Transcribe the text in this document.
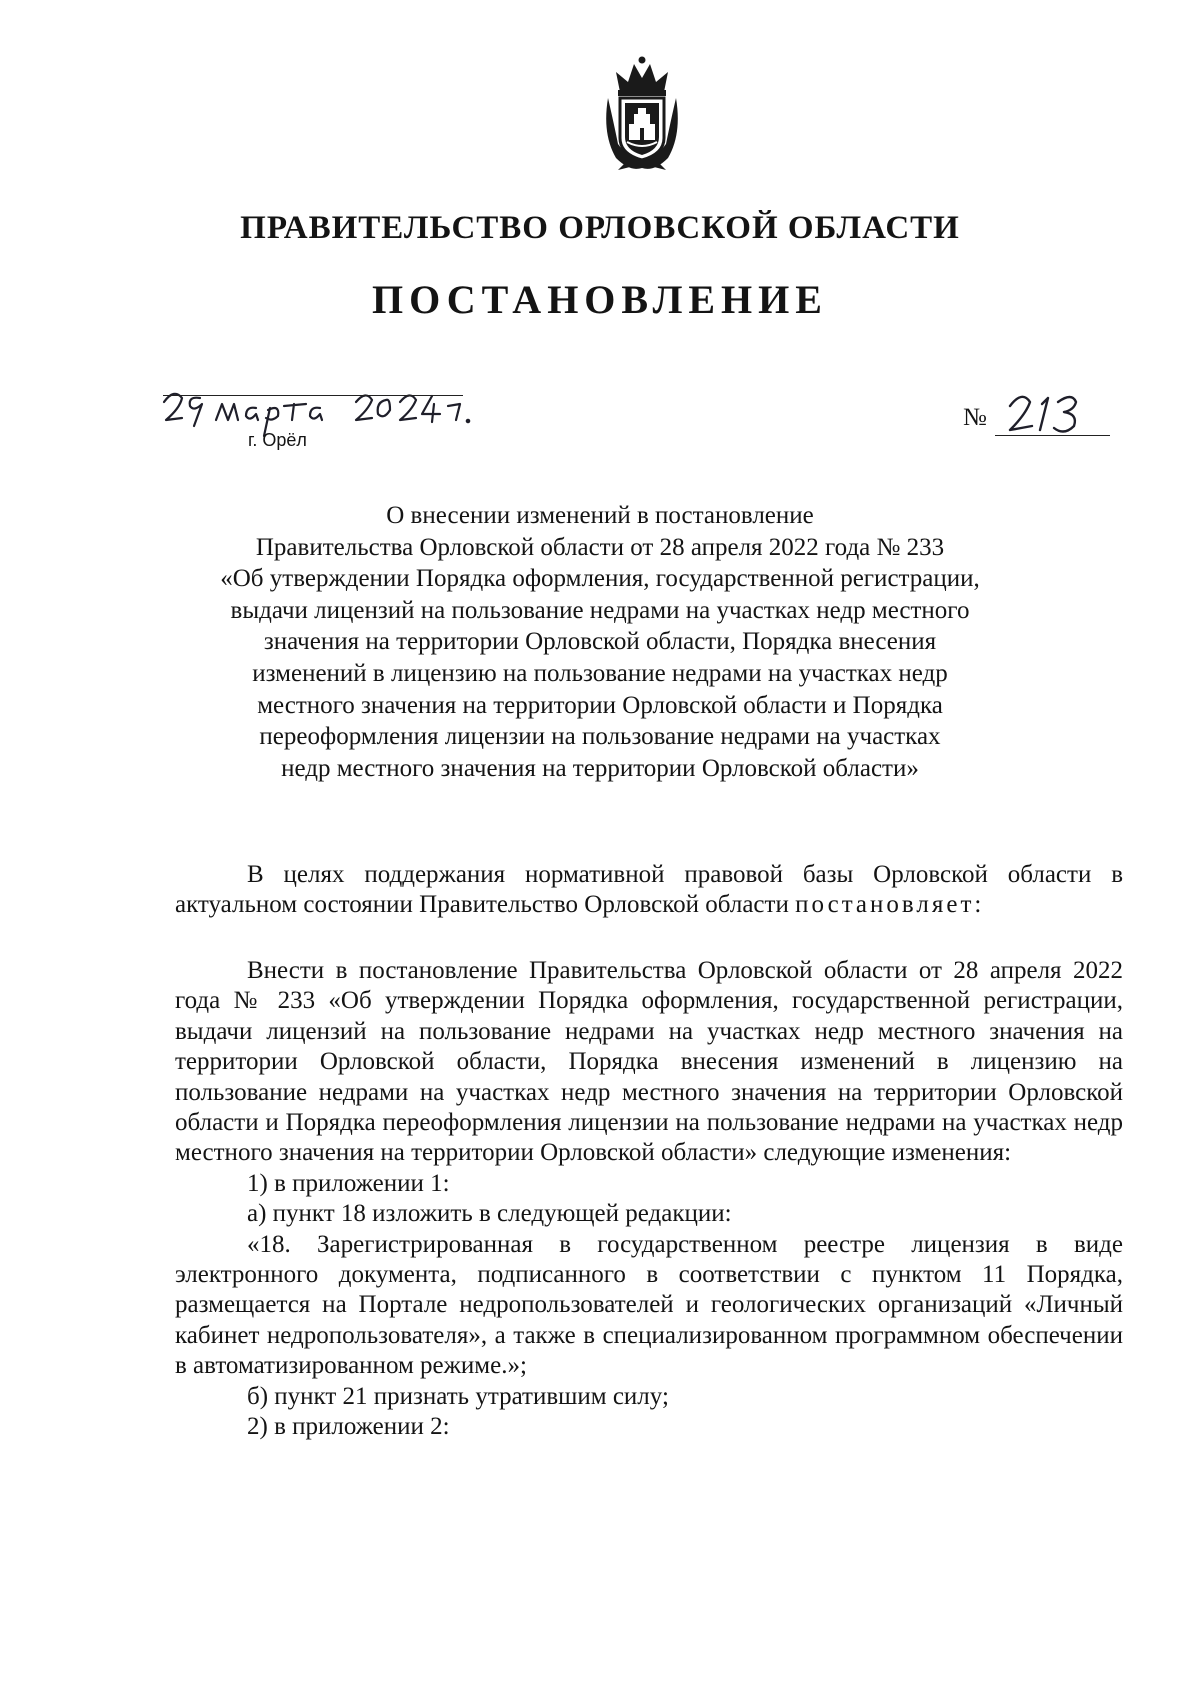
ПРАВИТЕЛЬСТВО ОРЛОВСКОЙ ОБЛАСТИ
ПОСТАНОВЛЕНИЕ
г. Орёл
№
О внесении изменений в постановление
Правительства Орловской области от 28 апреля 2022 года № 233
«Об утверждении Порядка оформления, государственной регистрации,
выдачи лицензий на пользование недрами на участках недр местного
значения на территории Орловской области, Порядка внесения
изменений в лицензию на пользование недрами на участках недр
местного значения на территории Орловской области и Порядка
переоформления лицензии на пользование недрами на участках
недр местного значения на территории Орловской области»

В целях поддержания нормативной правовой базы Орловской области в актуальном состоянии Правительство Орловской области постановляет:

Внести в постановление Правительства Орловской области от 28 апреля 2022 года № 233 «Об утверждении Порядка оформления, государственной регистрации, выдачи лицензий на пользование недрами на участках недр местного значения на территории Орловской области, Порядка внесения изменений в лицензию на пользование недрами на участках недр местного значения на территории Орловской области и Порядка переоформления лицензии на пользование недрами на участках недр местного значения на территории Орловской области» следующие изменения:

1) в приложении 1:

а) пункт 18 изложить в следующей редакции:

«18. Зарегистрированная в государственном реестре лицензия в виде электронного документа, подписанного в соответствии с пунктом 11 Порядка, размещается на Портале недропользователей и геологических организаций «Личный кабинет недропользователя», а также в специализированном программном обеспечении в автоматизированном режиме.»;

б) пункт 21 признать утратившим силу;

2) в приложении 2:
